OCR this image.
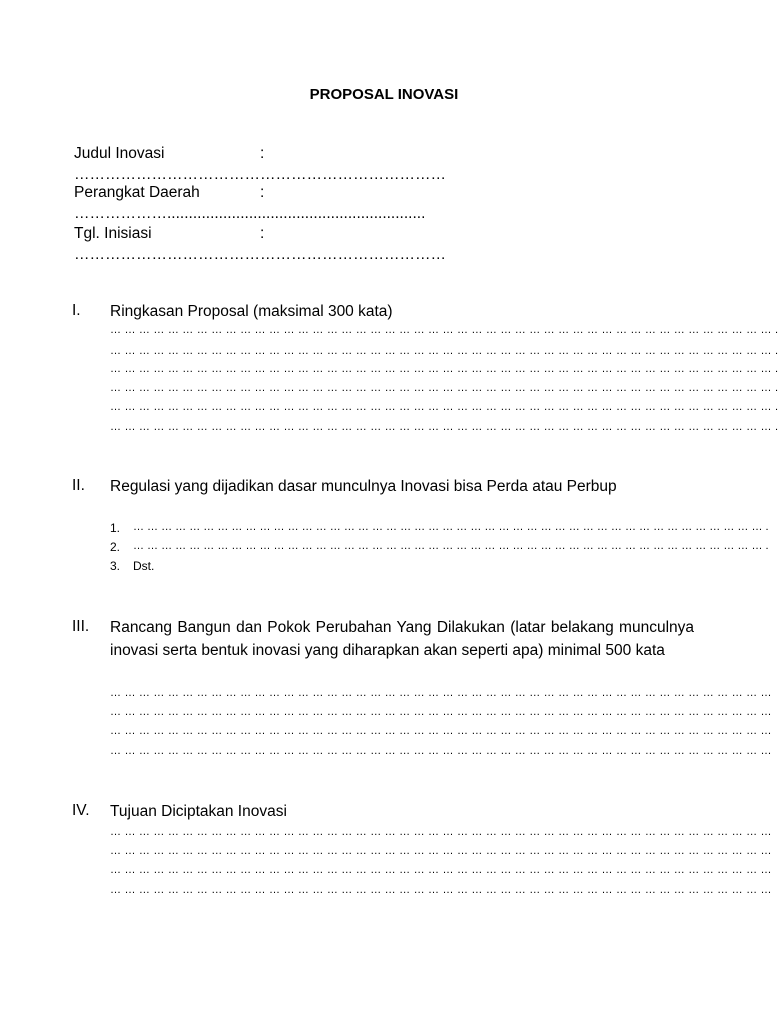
PROPOSAL INOVASI
Judul Inovasi	:
………………………………………………………………
Perangkat Daerah	:
………………............................................................
Tgl. Inisiasi	:
………………………………………………………………
I. Ringkasan Proposal (maksimal 300 kata)
… … … … … … … … … … … … … … … … … … … … … … … … … … … … … … … … … … … … … … … … … … … … … … .
… … … … … … … … … … … … … … … … … … … … … … … … … … … … … … … … … … … … … … … … … … … … … … .
… … … … … … … … … … … … … … … … … … … … … … … … … … … … … … … … … … … … … … … … … … … … … … .
… … … … … … … … … … … … … … … … … … … … … … … … … … … … … … … … … … … … … … … … … … … … … … .
… … … … … … … … … … … … … … … … … … … … … … … … … … … … … … … … … … … … … … … … … … … … … … .
… … … … … … … … … … … … … … … … … … … … … … … … … … … … … … … … … … … … … … … … … … … … … … .
II. Regulasi yang dijadikan dasar munculnya Inovasi bisa Perda atau Perbup
1. … … … … … … … … … … … … … … … … … … … … … … … … … … … … … … … … … … … … … … … … … … … … … .
2. … … … … … … … … … … … … … … … … … … … … … … … … … … … … … … … … … … … … … … … … … … … … … .
3. Dst.
III. Rancang Bangun dan Pokok Perubahan Yang Dilakukan (latar belakang munculnya inovasi serta bentuk inovasi yang diharapkan akan seperti apa) minimal 500 kata
… … … … … … … … … … … … … … … … … … … … … … … … … … … … … … … … … … … … … … … … … … … … … …
… … … … … … … … … … … … … … … … … … … … … … … … … … … … … … … … … … … … … … … … … … … … … …
… … … … … … … … … … … … … … … … … … … … … … … … … … … … … … … … … … … … … … … … … … … … … …
… … … … … … … … … … … … … … … … … … … … … … … … … … … … … … … … … … … … … … … … … … … … … …
IV. Tujuan Diciptakan Inovasi
… … … … … … … … … … … … … … … … … … … … … … … … … … … … … … … … … … … … … … … … … … … … … …
… … … … … … … … … … … … … … … … … … … … … … … … … … … … … … … … … … … … … … … … … … … … … …
… … … … … … … … … … … … … … … … … … … … … … … … … … … … … … … … … … … … … … … … … … … … … …
… … … … … … … … … … … … … … … … … … … … … … … … … … … … … … … … … … … … … … … … … … … … … …
